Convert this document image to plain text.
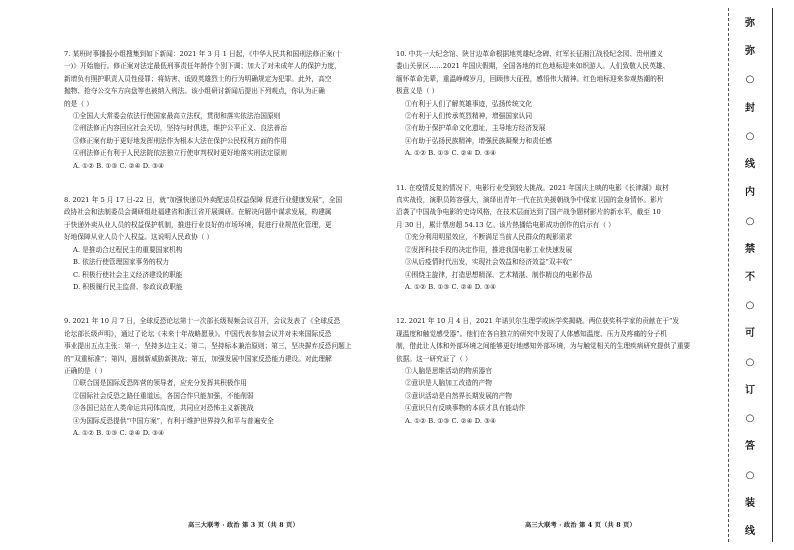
7. 某班时事播报小组搜集到如下新闻：2021 年 3 月 1 日起，《中华人民共和国刑法修正案(十

一)》开始施行。修正案对法定最低刑事责任年龄作个别下调；加大了对未成年人的保护力度，

新增负有照护职责人员性侵罪；将妨害、诋毁英雄烈士的行为明确规定为犯罪。此外，高空

抛物、抢夺公交车方向盘等也被纳入刑法。该小组研讨新闻后提出下列观点，你认为正确

的是（ ）

①全国人大常委会依法行使国家最高立法权，贯彻和落实依法治国原则

②刑法修正内容回应社会关切，坚持与时俱进，维护公平正义、良法善治

③修正案有助于更好地发挥刑法作为根本大法在保护公民权利方面的作用

④刑法修正有利于人民法院依法独立行使审判权时更好地落实刑法定原则

A. ①② B. ①③ C. ②④ D. ③④

8. 2021 年 5 月 17 日-22 日，就“加强快递员外卖配送员权益保障 促进行业健康发展”，全国

政协社会和法制委员会调研组赴福建省和浙江省开展调研。在解决问题中谋求发展，构建属

于快递外卖从业人员的权益保护机制，推进行业良好的市场环境，促进行业规范化管理，更

好地保障从业人员个人权益。这说明人民政协（ ）

A. 是推动合过程民主的重要国家机构

B. 依法行使管理国家事务的权力

C. 积极行使社会主义经济建设的职能

D. 积极履行民主监督、参政议政职能

9. 2021 年 10 月 7 日，全球反恐论坛第十一次部长级视频会议召开，会议发表了《全球反恐

论坛部长级声明》，通过了论坛《未来十年战略愿景》。中国代表参加会议并对未来国际反恐

事业提出五点主张：第一，坚持多边主义；第二，坚持标本兼治原则；第三，坚决摒弃反恐问题上

的“双重标准”；第四，遏制新威胁新挑战；第五，加强发展中国家反恐能力建设。对此理解

正确的是（ ）

①联合国是国际反恐阵营的领导者，应充分发挥其积极作用

②国际社会反恐之路任重道远，各国合作只能加强，不能削弱

③各国已站在人类命运共同体高度，共同应对恐怖主义新挑战

④为国际反恐提供“中国方案”，有利于维护世界持久和平与普遍安全

A. ①② B. ①③ C. ②④ D. ③④

10. 中共一大纪念馆、陕甘边革命根据地英雄纪念碑、红军长征湘江战役纪念园、贵州遵义

娄山关景区……2021 年国庆假期，全国各地的红色地标迎来如织游人。人们致敬人民英雄、

缅怀革命先辈，重温峥嵘岁月，回顾伟大征程，感悟伟大精神。红色地标迎来参观热潮的积

极意义是（ ）

①有利于人们了解英雄事迹，弘扬传统文化

②有利于人们传承英烈精神，增强国家认同

③有助于保护革命文化遗址，主导地方经济发展

④有助于弘扬民族精神，增强民族凝聚力和责任感

A. ①② B. ①③ C. ②④ D. ③④

11. 在疫情反复的情况下，电影行业受到较大挑战。2021 年国庆上映的电影《长津湖》取材

真实战役，演职员阵容强大，演绎出青年一代在抗美援朝战争中保家卫国的金身情怀。影片

沿袭了中国战争电影的史诗风格，在技术层面达到了国产战争题材影片的新水平，截至 10

月 30 日，累计票房超 54.13 亿。该片热播给电影成功创作的启示有（ ）

①充分利用明星效应，不断满足当前人民群众的观影需求

②发挥科技手段的决定作用，推进我国电影工业快速发展

③从后疫情时代出发，实现社会效益和经济效益“双丰收”

④围绕主旋律，打造思想精深、艺术精湛、制作精良的电影作品

A. ①② B. ①③ C. ②④ D. ③④

12. 2021 年 10 月 4 日，2021 年诺贝尔生理学或医学奖揭晓。两位获奖科学家的贡献在于“发

现温度和触觉感受器”。他们在各自独立的研究中发现了人体感知温度、压力及疼痛的分子机

制，借此让人体和外部环境之间能够更好地感知外部环境，为与触觉相关的生理疾病研究提供了重要

依据。这一研究证了（ ）

①人脑是思维活动的物质器官

②意识是人脑加工改造的产物

③意识活动是自然界长期发展的产物

④意识只有反映事物的本质才具有能动作

A. ①② B. ①③ C. ②④ D. ③④

高三大联考 · 政治 第 3 页（共 8 页）	高三大联考 · 政治 第 4 页（共 8 页）
弥
弥
○
封
○
线
内
○
禁
不
○
可
○
订
○
答
○
装
线
